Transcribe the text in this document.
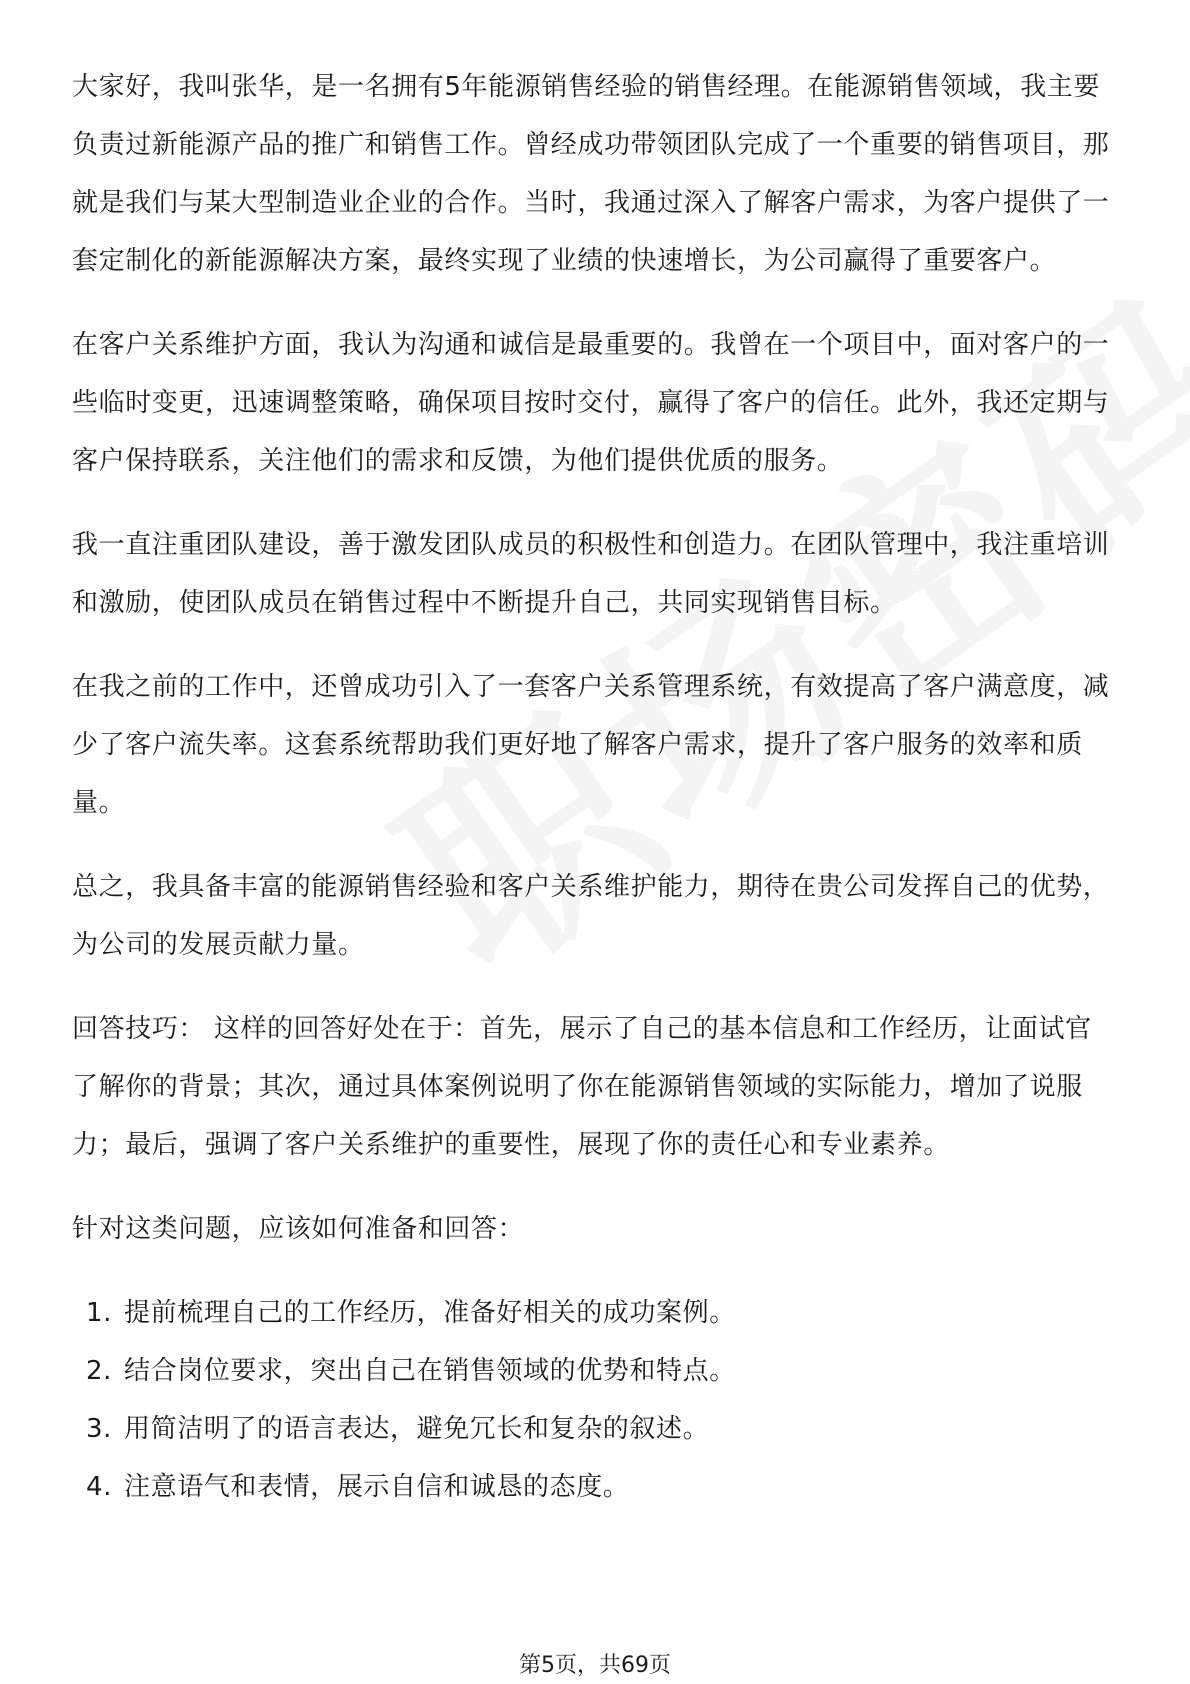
大家好，我叫张华，是一名拥有5年能源销售经验的销售经理。在能源销售领域，我主要负责过新能源产品的推广和销售工作。曾经成功带领团队完成了一个重要的销售项目，那就是我们与某大型制造业企业的合作。当时，我通过深入了解客户需求，为客户提供了一套定制化的新能源解决方案，最终实现了业绩的快速增长，为公司赢得了重要客户。

在客户关系维护方面，我认为沟通和诚信是最重要的。我曾在一个项目中，面对客户的一些临时变更，迅速调整策略，确保项目按时交付，赢得了客户的信任。此外，我还定期与客户保持联系，关注他们的需求和反馈，为他们提供优质的服务。

我一直注重团队建设，善于激发团队成员的积极性和创造力。在团队管理中，我注重培训和激励，使团队成员在销售过程中不断提升自己，共同实现销售目标。

在我之前的工作中，还曾成功引入了一套客户关系管理系统，有效提高了客户满意度，减少了客户流失率。这套系统帮助我们更好地了解客户需求，提升了客户服务的效率和质量。

总之，我具备丰富的能源销售经验和客户关系维护能力，期待在贵公司发挥自己的优势，为公司的发展贡献力量。

回答技巧： 这样的回答好处在于：首先，展示了自己的基本信息和工作经历，让面试官了解你的背景；其次，通过具体案例说明了你在能源销售领域的实际能力，增加了说服力；最后，强调了客户关系维护的重要性，展现了你的责任心和专业素养。

针对这类问题，应该如何准备和回答：

1. 提前梳理自己的工作经历，准备好相关的成功案例。
2. 结合岗位要求，突出自己在销售领域的优势和特点。
3. 用简洁明了的语言表达，避免冗长和复杂的叙述。
4. 注意语气和表情，展示自信和诚恳的态度。
第5页，共69页
